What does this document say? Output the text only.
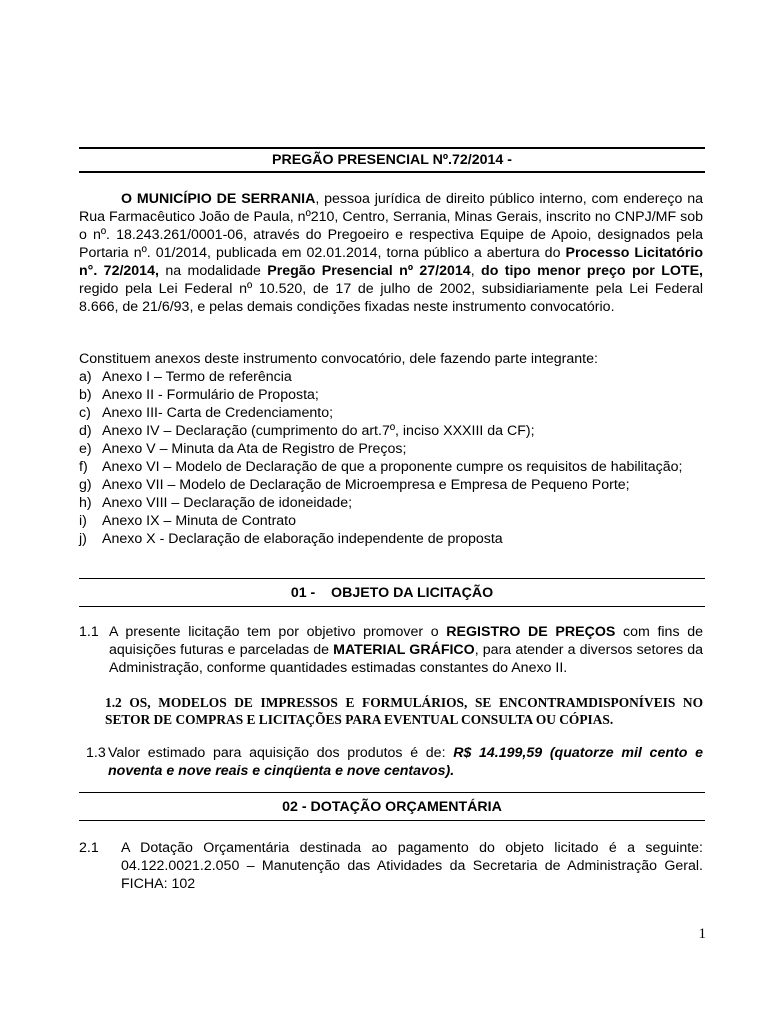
PREGÃO PRESENCIAL Nº.72/2014 -

O MUNICÍPIO DE SERRANIA, pessoa jurídica de direito público interno, com endereço na Rua Farmacêutico João de Paula, nº210, Centro, Serrania, Minas Gerais, inscrito no CNPJ/MF sob o nº. 18.243.261/0001-06, através do Pregoeiro e respectiva Equipe de Apoio, designados pela Portaria nº. 01/2014, publicada em 02.01.2014, torna público a abertura do Processo Licitatório n°. 72/2014, na modalidade Pregão Presencial nº 27/2014, do tipo menor preço por LOTE, regido pela Lei Federal nº 10.520, de 17 de julho de 2002, subsidiariamente pela Lei Federal 8.666, de 21/6/93, e pelas demais condições fixadas neste instrumento convocatório.

Constituem anexos deste instrumento convocatório, dele fazendo parte integrante:
a) Anexo I – Termo de referência
b) Anexo II - Formulário de Proposta;
c) Anexo III- Carta de Credenciamento;
d) Anexo IV – Declaração (cumprimento do art.7º, inciso XXXIII da CF);
e) Anexo V – Minuta da Ata de Registro de Preços;
f) Anexo VI – Modelo de Declaração de que a proponente cumpre os requisitos de habilitação;
g) Anexo VII – Modelo de Declaração de Microempresa e Empresa de Pequeno Porte;
h) Anexo VIII – Declaração de idoneidade;
i) Anexo IX – Minuta de Contrato
j) Anexo X - Declaração de elaboração independente de proposta
01 -    OBJETO DA LICITAÇÃO
1.1 A presente licitação tem por objetivo promover o REGISTRO DE PREÇOS com fins de aquisições futuras e parceladas de MATERIAL GRÁFICO, para atender a diversos setores da Administração, conforme quantidades estimadas constantes do Anexo II.
1.2 OS, MODELOS DE IMPRESSOS E FORMULÁRIOS, SE ENCONTRAMDISPONÍVEIS NO SETOR DE COMPRAS E LICITAÇÕES PARA EVENTUAL CONSULTA OU CÓPIAS.
1.3 Valor estimado para aquisição dos produtos é de: R$ 14.199,59 (quatorze mil cento e noventa e nove reais e cinqüenta e nove centavos).
02 - DOTAÇÃO ORÇAMENTÁRIA
2.1 A Dotação Orçamentária destinada ao pagamento do objeto licitado é a seguinte: 04.122.0021.2.050 – Manutenção das Atividades da Secretaria de Administração Geral. FICHA: 102
1
